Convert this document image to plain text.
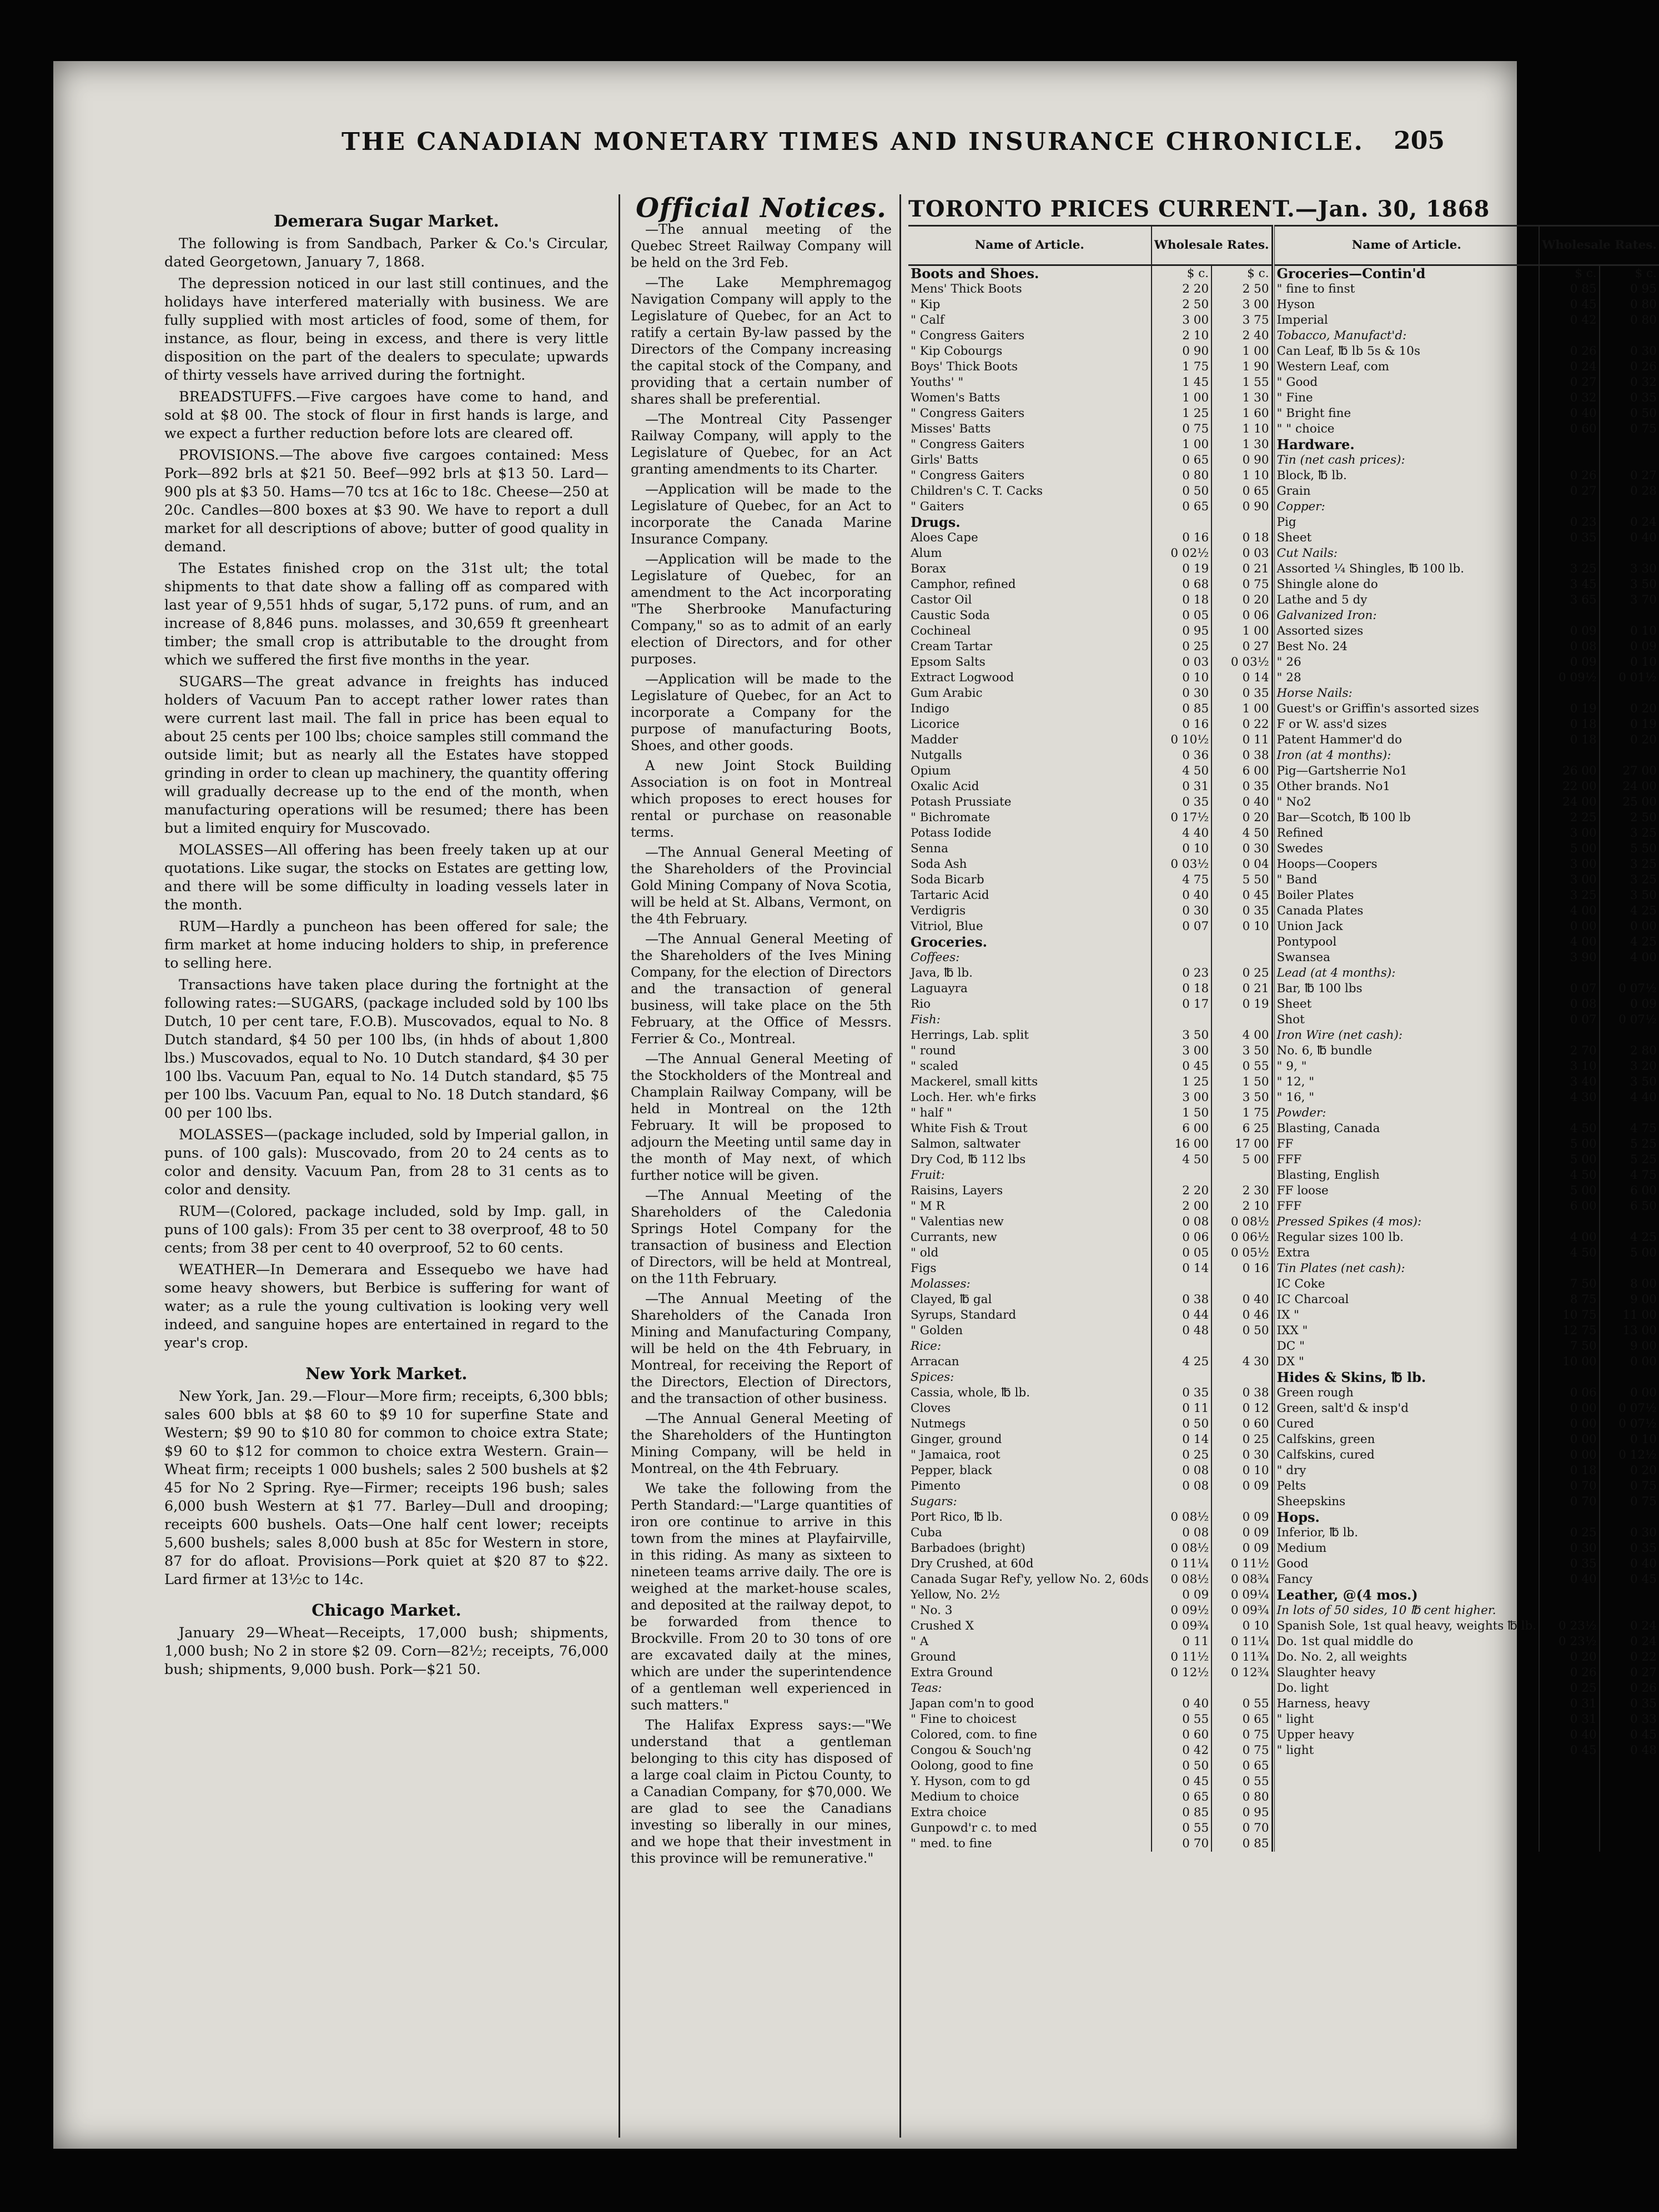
THE CANADIAN MONETARY TIMES AND INSURANCE CHRONICLE.	205
Demerara Sugar Market.

The following is from Sandbach, Parker & Co.'s Circular, dated Georgetown, January 7, 1868.

The depression noticed in our last still continues, and the holidays have interfered materially with business. We are fully supplied with most articles of food, some of them, for instance, as flour, being in excess, and there is very little disposition on the part of the dealers to speculate; upwards of thirty vessels have arrived during the fortnight.

BREADSTUFFS.—Five cargoes have come to hand, and sold at $8 00. The stock of flour in first hands is large, and we expect a further reduction before lots are cleared off.

PROVISIONS.—The above five cargoes contained: Mess Pork—892 brls at $21 50. Beef—992 brls at $13 50. Lard—900 pls at $3 50. Hams—70 tcs at 16c to 18c. Cheese—250 at 20c. Candles—800 boxes at $3 90. We have to report a dull market for all descriptions of above; butter of good quality in demand.

The Estates finished crop on the 31st ult; the total shipments to that date show a falling off as compared with last year of 9,551 hhds of sugar, 5,172 puns. of rum, and an increase of 8,846 puns. molasses, and 30,659 ft greenheart timber; the small crop is attributable to the drought from which we suffered the first five months in the year.

SUGARS—The great advance in freights has induced holders of Vacuum Pan to accept rather lower rates than were current last mail. The fall in price has been equal to about 25 cents per 100 lbs; choice samples still command the outside limit; but as nearly all the Estates have stopped grinding in order to clean up machinery, the quantity offering will gradually decrease up to the end of the month, when manufacturing operations will be resumed; there has been but a limited enquiry for Muscovado.

MOLASSES—All offering has been freely taken up at our quotations. Like sugar, the stocks on Estates are getting low, and there will be some difficulty in loading vessels later in the month.

RUM—Hardly a puncheon has been offered for sale; the firm market at home inducing holders to ship, in preference to selling here.

Transactions have taken place during the fortnight at the following rates:—SUGARS, (package included sold by 100 lbs Dutch, 10 per cent tare, F.O.B). Muscovados, equal to No. 8 Dutch standard, $4 50 per 100 lbs, (in hhds of about 1,800 lbs.) Muscovados, equal to No. 10 Dutch standard, $4 30 per 100 lbs. Vacuum Pan, equal to No. 14 Dutch standard, $5 75 per 100 lbs. Vacuum Pan, equal to No. 18 Dutch standard, $6 00 per 100 lbs.

MOLASSES—(package included, sold by Imperial gallon, in puns. of 100 gals): Muscovado, from 20 to 24 cents as to color and density. Vacuum Pan, from 28 to 31 cents as to color and density.

RUM—(Colored, package included, sold by Imp. gall, in puns of 100 gals): From 35 per cent to 38 overproof, 48 to 50 cents; from 38 per cent to 40 overproof, 52 to 60 cents.

WEATHER—In Demerara and Essequebo we have had some heavy showers, but Berbice is suffering for want of water; as a rule the young cultivation is looking very well indeed, and sanguine hopes are entertained in regard to the year's crop.

New York Market.

New York, Jan. 29.—Flour—More firm; receipts, 6,300 bbls; sales 600 bbls at $8 60 to $9 10 for superfine State and Western; $9 90 to $10 80 for common to choice extra State; $9 60 to $12 for common to choice extra Western. Grain—Wheat firm; receipts 1 000 bushels; sales 2 500 bushels at $2 45 for No 2 Spring. Rye—Firmer; receipts 196 bush; sales 6,000 bush Western at $1 77. Barley—Dull and drooping; receipts 600 bushels. Oats—One half cent lower; receipts 5,600 bushels; sales 8,000 bush at 85c for Western in store, 87 for do afloat. Provisions—Pork quiet at $20 87 to $22. Lard firmer at 13½c to 14c.

Chicago Market.

January 29—Wheat—Receipts, 17,000 bush; shipments, 1,000 bush; No 2 in store $2 09. Corn—82½; receipts, 76,000 bush; shipments, 9,000 bush. Pork—$21 50.

Official Notices.

—The annual meeting of the Quebec Street Railway Company will be held on the 3rd Feb.

—The Lake Memphremagog Navigation Company will apply to the Legislature of Quebec, for an Act to ratify a certain By-law passed by the Directors of the Company increasing the capital stock of the Company, and providing that a certain number of shares shall be preferential.

—The Montreal City Passenger Railway Company, will apply to the Legislature of Quebec, for an Act granting amendments to its Charter.

—Application will be made to the Legislature of Quebec, for an Act to incorporate the Canada Marine Insurance Company.

—Application will be made to the Legislature of Quebec, for an amendment to the Act incorporating "The Sherbrooke Manufacturing Company," so as to admit of an early election of Directors, and for other purposes.

—Application will be made to the Legislature of Quebec, for an Act to incorporate a Company for the purpose of manufacturing Boots, Shoes, and other goods.

A new Joint Stock Building Association is on foot in Montreal which proposes to erect houses for rental or purchase on reasonable terms.

—The Annual General Meeting of the Shareholders of the Provincial Gold Mining Company of Nova Scotia, will be held at St. Albans, Vermont, on the 4th February.

—The Annual General Meeting of the Shareholders of the Ives Mining Company, for the election of Directors and the transaction of general business, will take place on the 5th February, at the Office of Messrs. Ferrier & Co., Montreal.

—The Annual General Meeting of the Stockholders of the Montreal and Champlain Railway Company, will be held in Montreal on the 12th February. It will be proposed to adjourn the Meeting until same day in the month of May next, of which further notice will be given.

—The Annual Meeting of the Shareholders of the Caledonia Springs Hotel Company for the transaction of business and Election of Directors, will be held at Montreal, on the 11th February.

—The Annual Meeting of the Shareholders of the Canada Iron Mining and Manufacturing Company, will be held on the 4th February, in Montreal, for receiving the Report of the Directors, Election of Directors, and the transaction of other business.

—The Annual General Meeting of the Shareholders of the Huntington Mining Company, will be held in Montreal, on the 4th February.

We take the following from the Perth Standard:—"Large quantities of iron ore continue to arrive in this town from the mines at Playfairville, in this riding. As many as sixteen to nineteen teams arrive daily. The ore is weighed at the market-house scales, and deposited at the railway depot, to be forwarded from thence to Brockville. From 20 to 30 tons of ore are excavated daily at the mines, which are under the superintendence of a gentleman well experienced in such matters."

The Halifax Express says:—"We understand that a gentleman belonging to this city has disposed of a large coal claim in Pictou County, to a Canadian Company, for $70,000. We are glad to see the Canadians investing so liberally in our mines, and we hope that their investment in this province will be remunerative."

TORONTO PRICES CURRENT.—Jan. 30, 1868
Name of Article.	Wholesale Rates.			Name of Article.	Wholesale Rates.	
Boots and Shoes.	$ c.	$ c.		Groceries—Contin'd	$ c.	$ c.
Mens' Thick Boots	2 20	2 50		" fine to finst	0 85	0 95
" Kip	2 50	3 00		Hyson	0 45	0 80
" Calf	3 00	3 75		Imperial	0 42	0 80
" Congress Gaiters	2 10	2 40		Tobacco, Manufact'd:		
" Kip Cobourgs	0 90	1 00		Can Leaf, ℔ lb 5s & 10s	0 26	0 30
Boys' Thick Boots	1 75	1 90		Western Leaf, com	0 24	0 26
Youths' "	1 45	1 55		" Good	0 27	0 32
Women's Batts	1 00	1 30		" Fine	0 32	0 35
" Congress Gaiters	1 25	1 60		" Bright fine	0 40	0 50
Misses' Batts	0 75	1 10		" " choice	0 60	0 75
" Congress Gaiters	1 00	1 30		Hardware.		
Girls' Batts	0 65	0 90		Tin (net cash prices):		
" Congress Gaiters	0 80	1 10		Block, ℔ lb.	0 26	0 27
Children's C. T. Cacks	0 50	0 65		Grain	0 27	0 28
" Gaiters	0 65	0 90		Copper:		
Drugs.				Pig	0 23	0 24
Aloes Cape	0 16	0 18		Sheet	0 35	0 40
Alum	0 02½	0 03		Cut Nails:		
Borax	0 19	0 21		Assorted ¼ Shingles, ℔ 100 lb.	3 25	3 30
Camphor, refined	0 68	0 75		Shingle alone do	3 45	3 50
Castor Oil	0 18	0 20		Lathe and 5 dy	3 65	3 70
Caustic Soda	0 05	0 06		Galvanized Iron:		
Cochineal	0 95	1 00		Assorted sizes	0 09	0 10
Cream Tartar	0 25	0 27		Best No. 24	0 08	0 09
Epsom Salts	0 03	0 03½		" 26	0 09	0 10
Extract Logwood	0 10	0 14		" 28	0 09½	0 01½
Gum Arabic	0 30	0 35		Horse Nails:		
Indigo	0 85	1 00		Guest's or Griffin's assorted sizes	0 19	0 20
Licorice	0 16	0 22		F or W. ass'd sizes	0 18	0 19
Madder	0 10½	0 11		Patent Hammer'd do	0 18	0 20
Nutgalls	0 36	0 38		Iron (at 4 months):		
Opium	4 50	6 00		Pig—Gartsherrie No1	26 00	27 00
Oxalic Acid	0 31	0 35		Other brands. No1	22 00	24 00
Potash Prussiate	0 35	0 40		" No2	24 00	25 00
" Bichromate	0 17½	0 20		Bar—Scotch, ℔ 100 lb	2 25	2 50
Potass Iodide	4 40	4 50		Refined	3 00	3 25
Senna	0 10	0 30		Swedes	5 00	5 50
Soda Ash	0 03½	0 04		Hoops—Coopers	3 00	3 25
Soda Bicarb	4 75	5 50		" Band	3 00	3 25
Tartaric Acid	0 40	0 45		Boiler Plates	3 25	3 50
Verdigris	0 30	0 35		Canada Plates	4 00	4 25
Vitriol, Blue	0 07	0 10		Union Jack	0 00	0 00
Groceries.				Pontypool	4 00	4 25
Coffees:				Swansea	3 90	4 00
Java, ℔ lb.	0 23	0 25		Lead (at 4 months):		
Laguayra	0 18	0 21		Bar, ℔ 100 lbs	0 07	0 07½
Rio	0 17	0 19		Sheet	0 08	0 09
Fish:				Shot	0 07	0 07½
Herrings, Lab. split	3 50	4 00		Iron Wire (net cash):		
" round	3 00	3 50		No. 6, ℔ bundle	2 70	2 80
" scaled	0 45	0 55		" 9, "	3 10	3 20
Mackerel, small kitts	1 25	1 50		" 12, "	3 40	3 50
Loch. Her. wh'e firks	3 00	3 50		" 16, "	4 30	4 40
" half "	1 50	1 75		Powder:		
White Fish & Trout	6 00	6 25		Blasting, Canada	4 50	4 75
Salmon, saltwater	16 00	17 00		FF	5 00	5 25
Dry Cod, ℔ 112 lbs	4 50	5 00		FFF	5 00	5 25
Fruit:				Blasting, English	4 50	4 75
Raisins, Layers	2 20	2 30		FF loose	5 00	6 00
" M R	2 00	2 10		FFF	6 00	6 50
" Valentias new	0 08	0 08½		Pressed Spikes (4 mos):		
Currants, new	0 06	0 06½		Regular sizes 100 lb.	4 00	4 25
" old	0 05	0 05½		Extra	4 50	5 00
Figs	0 14	0 16		Tin Plates (net cash):		
Molasses:				IC Coke	7 50	8 00
Clayed, ℔ gal	0 38	0 40		IC Charcoal	8 75	9 00
Syrups, Standard	0 44	0 46		IX "	10 75	11 00
" Golden	0 48	0 50		IXX "	12 75	13 00
Rice:				DC "	7 50	9 00
Arracan	4 25	4 30		DX "	10 00	0 00
Spices:				Hides & Skins, ℔ lb.		
Cassia, whole, ℔ lb.	0 35	0 38		Green rough	0 06	0 00
Cloves	0 11	0 12		Green, salt'd & insp'd	0 00	0 07½
Nutmegs	0 50	0 60		Cured	0 00	0 07½
Ginger, ground	0 14	0 25		Calfskins, green	0 00	0 10
" Jamaica, root	0 25	0 30		Calfskins, cured	0 00	0 12½
Pepper, black	0 08	0 10		" dry	0 18	0 20
Pimento	0 08	0 09		Pelts	0 70	0 75
Sugars:				Sheepskins	0 70	0 75
Port Rico, ℔ lb.	0 08½	0 09		Hops.		
Cuba	0 08	0 09		Inferior, ℔ lb.	0 25	0 30
Barbadoes (bright)	0 08½	0 09		Medium	0 30	0 35
Dry Crushed, at 60d	0 11¼	0 11½		Good	0 35	0 40
Canada Sugar Ref'y, yellow No. 2, 60ds	0 08½	0 08¾		Fancy	0 40	0 45
Yellow, No. 2½	0 09	0 09¼		Leather, @(4 mos.)		
" No. 3	0 09½	0 09¾		In lots of 50 sides, 10 ℔ cent higher.		
Crushed X	0 09¾	0 10		Spanish Sole, 1st qual heavy, weights ℔ lb.	0 23½	0 24
" A	0 11	0 11¼		Do. 1st qual middle do	0 23½	0 24
Ground	0 11½	0 11¾		Do. No. 2, all weights	0 20	0 22
Extra Ground	0 12½	0 12¾		Slaughter heavy	0 26	0 27
Teas:				Do. light	0 25	0 26
Japan com'n to good	0 40	0 55		Harness, heavy	0 31	0 35
" Fine to choicest	0 55	0 65		" light	0 31	0 33
Colored, com. to fine	0 60	0 75		Upper heavy	0 40	0 45
Congou & Souch'ng	0 42	0 75		" light	0 45	0 48
Oolong, good to fine	0 50	0 65				
Y. Hyson, com to gd	0 45	0 55				
Medium to choice	0 65	0 80				
Extra choice	0 85	0 95				
Gunpowd'r c. to med	0 55	0 70				
" med. to fine	0 70	0 85				
